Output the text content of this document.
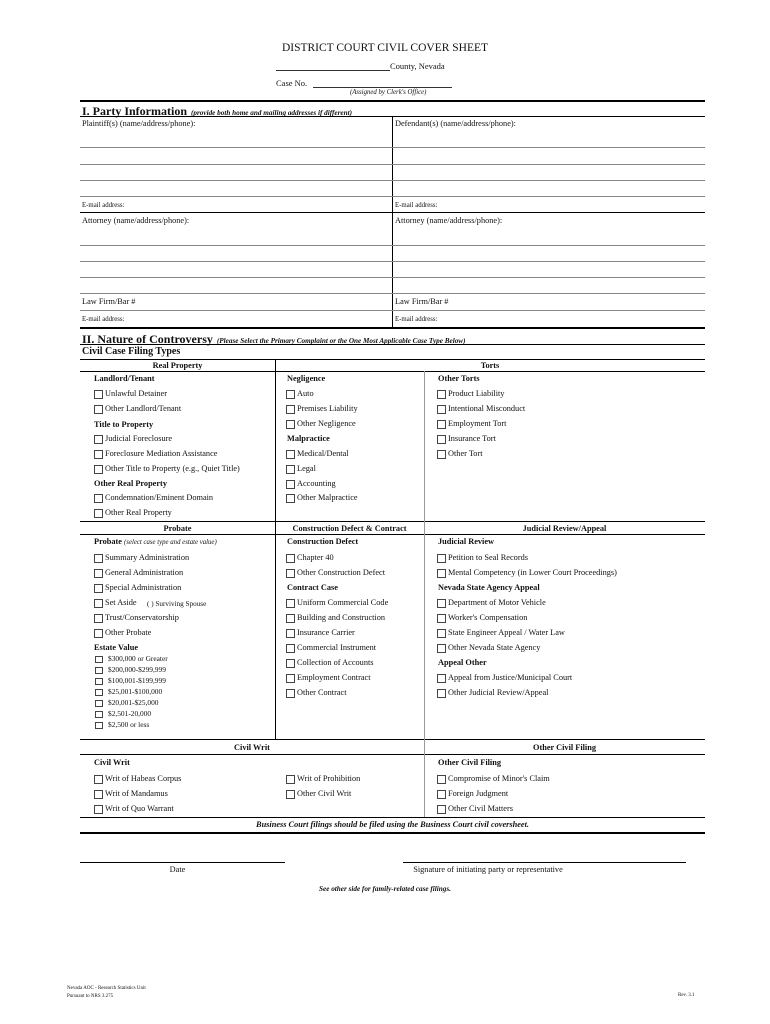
DISTRICT COURT CIVIL COVER SHEET
County, Nevada
Case No.
(Assigned by Clerk's Office)
I. Party Information (provide both home and mailing addresses if different)
Plaintiff(s) (name/address/phone):	Defendant(s) (name/address/phone):
E-mail address:	E-mail address:
Attorney (name/address/phone):	Attorney (name/address/phone):
Law Firm/Bar #	Law Firm/Bar #
E-mail address:	E-mail address:
II. Nature of Controversy (Please Select the Primary Complaint or the One Most Applicable Case Type Below)
Civil Case Filing Types
Real Property	Torts
Landlord/Tenant
Unlawful Detainer
Other Landlord/Tenant
Title to Property
Judicial Foreclosure
Foreclosure Mediation Assistance
Other Title to Property (e.g., Quiet Title)
Other Real Property
Condemnation/Eminent Domain
Other Real Property
Negligence
Auto
Premises Liability
Other Negligence
Malpractice
Medical/Dental
Legal
Accounting
Other Malpractice
Other Torts
Product Liability
Intentional Misconduct
Employment Tort
Insurance Tort
Other Tort
Probate	Construction Defect & Contract	Judicial Review/Appeal
Probate (select case type and estate value)
Summary Administration
General Administration
Special Administration
Set Aside ( ) Surviving Spouse
Trust/Conservatorship
Other Probate
Estate Value
$300,000 or Greater
$200,000-$299,999
$100,001-$199,999
$25,001-$100,000
$20,001-$25,000
$2,501-20,000
$2,500 or less
Construction Defect
Chapter 40
Other Construction Defect
Contract Case
Uniform Commercial Code
Building and Construction
Insurance Carrier
Commercial Instrument
Collection of Accounts
Employment Contract
Other Contract
Judicial Review
Petition to Seal Records
Mental Competency (in Lower Court Proceedings)
Nevada State Agency Appeal
Department of Motor Vehicle
Worker's Compensation
State Engineer Appeal / Water Law
Other Nevada State Agency
Appeal Other
Appeal from Justice/Municipal Court
Other Judicial Review/Appeal
Civil Writ	Other Civil Filing
Civil Writ
Writ of Habeas Corpus
Writ of Mandamus
Writ of Quo Warrant
Writ of Prohibition
Other Civil Writ
Other Civil Filing
Compromise of Minor's Claim
Foreign Judgment
Other Civil Matters
Business Court filings should be filed using the Business Court civil coversheet.
Date	Signature of initiating party or representative
See other side for family-related case filings.
Nevada AOC - Research Statistics Unit
Pursuant to NRS 3.275	Rev. 3.1
